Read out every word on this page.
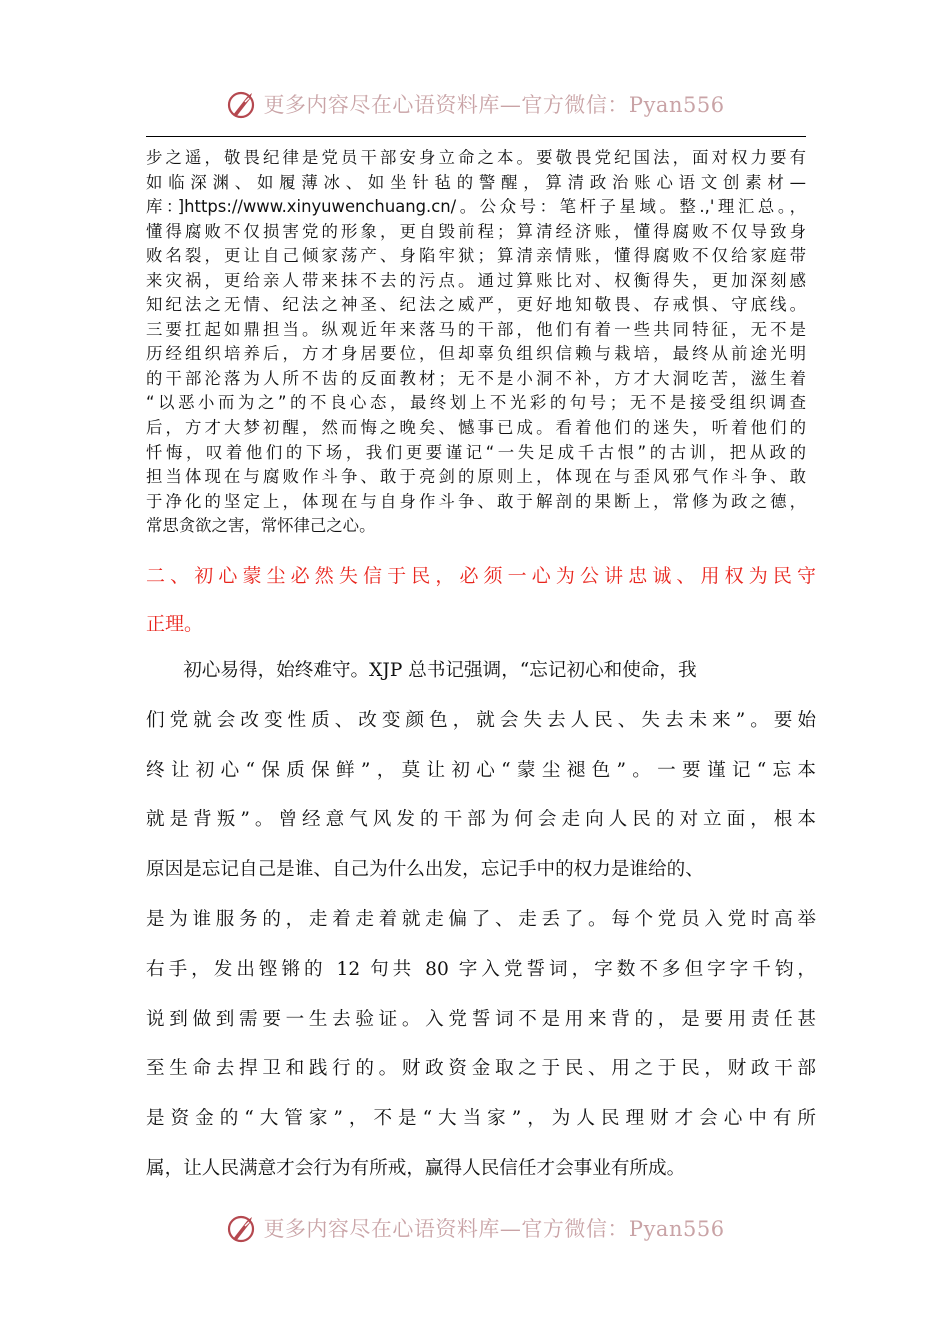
更多内容尽在心语资料库—官方微信：Pyan556
步之遥，敬畏纪律是党员干部安身立命之本。要敬畏党纪国法，面对权力要有
如临深渊、如履薄冰、如坐针毡的警醒，算清政治账心语文创素材—
库：]https://www.xinyuwenchuang.cn/。公众号：笔杆子星域。整.,'理汇总。，
懂得腐败不仅损害党的形象，更自毁前程；算清经济账，懂得腐败不仅导致身
败名裂，更让自己倾家荡产、身陷牢狱；算清亲情账，懂得腐败不仅给家庭带
来灾祸，更给亲人带来抹不去的污点。通过算账比对、权衡得失，更加深刻感
知纪法之无情、纪法之神圣、纪法之威严，更好地知敬畏、存戒惧、守底线。
三要扛起如鼎担当。纵观近年来落马的干部，他们有着一些共同特征，无不是
历经组织培养后，方才身居要位，但却辜负组织信赖与栽培，最终从前途光明
的干部沦落为人所不齿的反面教材；无不是小洞不补，方才大洞吃苦，滋生着
“以恶小而为之”的不良心态，最终划上不光彩的句号；无不是接受组织调查
后，方才大梦初醒，然而悔之晚矣、憾事已成。看着他们的迷失，听着他们的
忏悔，叹着他们的下场，我们更要谨记“一失足成千古恨”的古训，把从政的
担当体现在与腐败作斗争、敢于亮剑的原则上，体现在与歪风邪气作斗争、敢
于净化的坚定上，体现在与自身作斗争、敢于解剖的果断上，常修为政之德，
常思贪欲之害，常怀律己之心。
二、初心蒙尘必然失信于民，必须一心为公讲忠诚、用权为民守
正理。
　　初心易得，始终难守。XJP 总书记强调，“忘记初心和使命，我
们党就会改变性质、改变颜色，就会失去人民、失去未来”。要始
终让初心“保质保鲜”，莫让初心“蒙尘褪色”。一要谨记“忘本
就是背叛”。曾经意气风发的干部为何会走向人民的对立面，根本
原因是忘记自己是谁、自己为什么出发，忘记手中的权力是谁给的、
是为谁服务的，走着走着就走偏了、走丢了。每个党员入党时高举
右手，发出铿锵的 12 句共 80 字入党誓词，字数不多但字字千钧，
说到做到需要一生去验证。入党誓词不是用来背的，是要用责任甚
至生命去捍卫和践行的。财政资金取之于民、用之于民，财政干部
是资金的“大管家”，不是“大当家”，为人民理财才会心中有所
属，让人民满意才会行为有所戒，赢得人民信任才会事业有所成。
更多内容尽在心语资料库—官方微信：Pyan556
